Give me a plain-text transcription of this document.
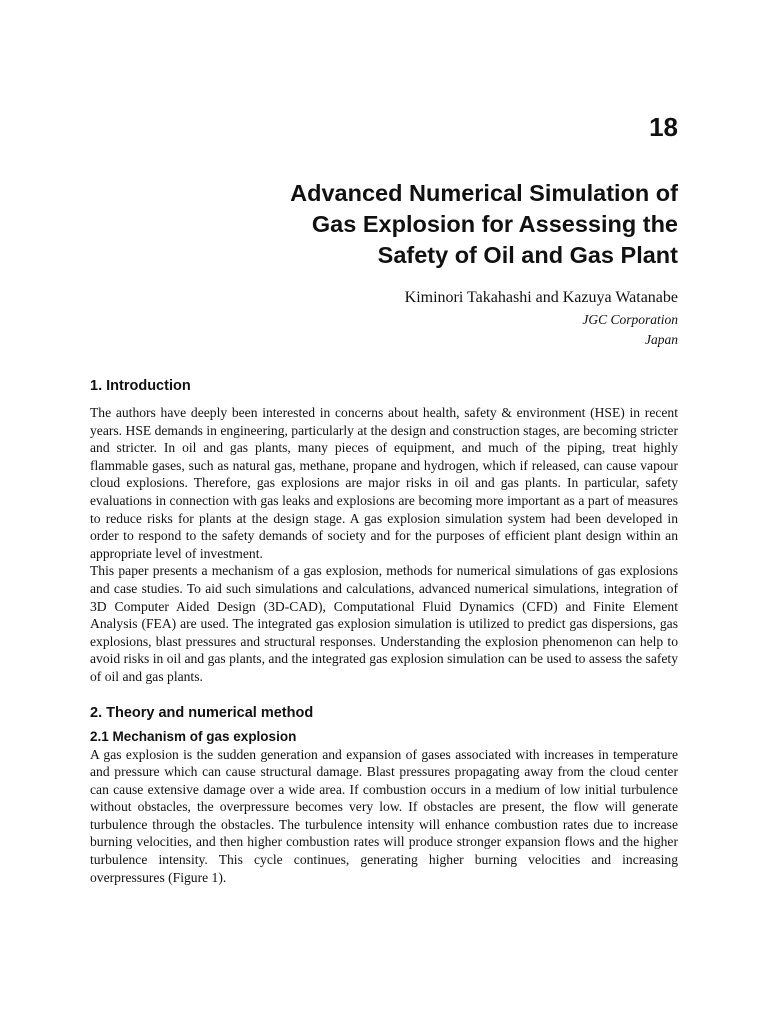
18
Advanced Numerical Simulation of
Gas Explosion for Assessing the
Safety of Oil and Gas Plant
Kiminori Takahashi and Kazuya Watanabe
JGC Corporation
Japan
1. Introduction

The authors have deeply been interested in concerns about health, safety & environment (HSE) in recent years. HSE demands in engineering, particularly at the design and construction stages, are becoming stricter and stricter. In oil and gas plants, many pieces of equipment, and much of the piping, treat highly flammable gases, such as natural gas, methane, propane and hydrogen, which if released, can cause vapour cloud explosions. Therefore, gas explosions are major risks in oil and gas plants. In particular, safety evaluations in connection with gas leaks and explosions are becoming more important as a part of measures to reduce risks for plants at the design stage. A gas explosion simulation system had been developed in order to respond to the safety demands of society and for the purposes of efficient plant design within an appropriate level of investment.

This paper presents a mechanism of a gas explosion, methods for numerical simulations of gas explosions and case studies. To aid such simulations and calculations, advanced numerical simulations, integration of 3D Computer Aided Design (3D-CAD), Computational Fluid Dynamics (CFD) and Finite Element Analysis (FEA) are used. The integrated gas explosion simulation is utilized to predict gas dispersions, gas explosions, blast pressures and structural responses. Understanding the explosion phenomenon can help to avoid risks in oil and gas plants, and the integrated gas explosion simulation can be used to assess the safety of oil and gas plants.

2. Theory and numerical method
2.1 Mechanism of gas explosion

A gas explosion is the sudden generation and expansion of gases associated with increases in temperature and pressure which can cause structural damage. Blast pressures propagating away from the cloud center can cause extensive damage over a wide area. If combustion occurs in a medium of low initial turbulence without obstacles, the overpressure becomes very low. If obstacles are present, the flow will generate turbulence through the obstacles. The turbulence intensity will enhance combustion rates due to increase burning velocities, and then higher combustion rates will produce stronger expansion flows and the higher turbulence intensity. This cycle continues, generating higher burning velocities and increasing overpressures (Figure 1).
